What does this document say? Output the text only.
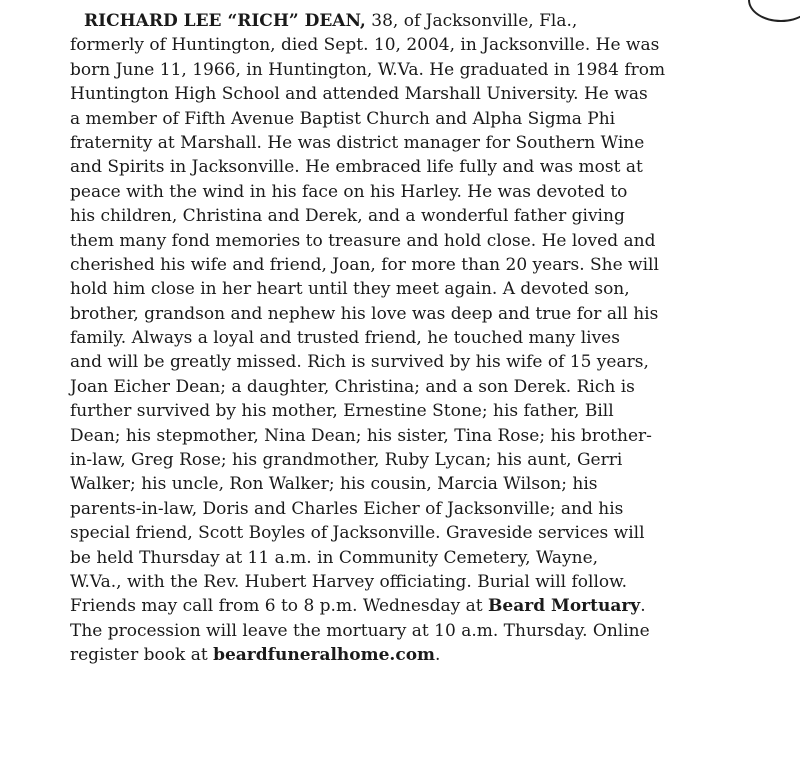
RICHARD LEE “RICH” DEAN, 38, of Jacksonville, Fla.,
formerly of Huntington, died Sept. 10, 2004, in Jacksonville. He was
born June 11, 1966, in Huntington, W.Va. He graduated in 1984 from
Huntington High School and attended Marshall University. He was
a member of Fifth Avenue Baptist Church and Alpha Sigma Phi
fraternity at Marshall. He was district manager for Southern Wine
and Spirits in Jacksonville. He embraced life fully and was most at
peace with the wind in his face on his Harley. He was devoted to
his children, Christina and Derek, and a wonderful father giving
them many fond memories to treasure and hold close. He loved and
cherished his wife and friend, Joan, for more than 20 years. She will
hold him close in her heart until they meet again. A devoted son,
brother, grandson and nephew his love was deep and true for all his
family. Always a loyal and trusted friend, he touched many lives
and will be greatly missed. Rich is survived by his wife of 15 years,
Joan Eicher Dean; a daughter, Christina; and a son Derek. Rich is
further survived by his mother, Ernestine Stone; his father, Bill
Dean; his stepmother, Nina Dean; his sister, Tina Rose; his brother-
in-law, Greg Rose; his grandmother, Ruby Lycan; his aunt, Gerri
Walker; his uncle, Ron Walker; his cousin, Marcia Wilson; his
parents-in-law, Doris and Charles Eicher of Jacksonville; and his
special friend, Scott Boyles of Jacksonville. Graveside services will
be held Thursday at 11 a.m. in Community Cemetery, Wayne,
W.Va., with the Rev. Hubert Harvey officiating. Burial will follow.
Friends may call from 6 to 8 p.m. Wednesday at Beard Mortuary.
The procession will leave the mortuary at 10 a.m. Thursday. Online
register book at beardfuneralhome.com.
